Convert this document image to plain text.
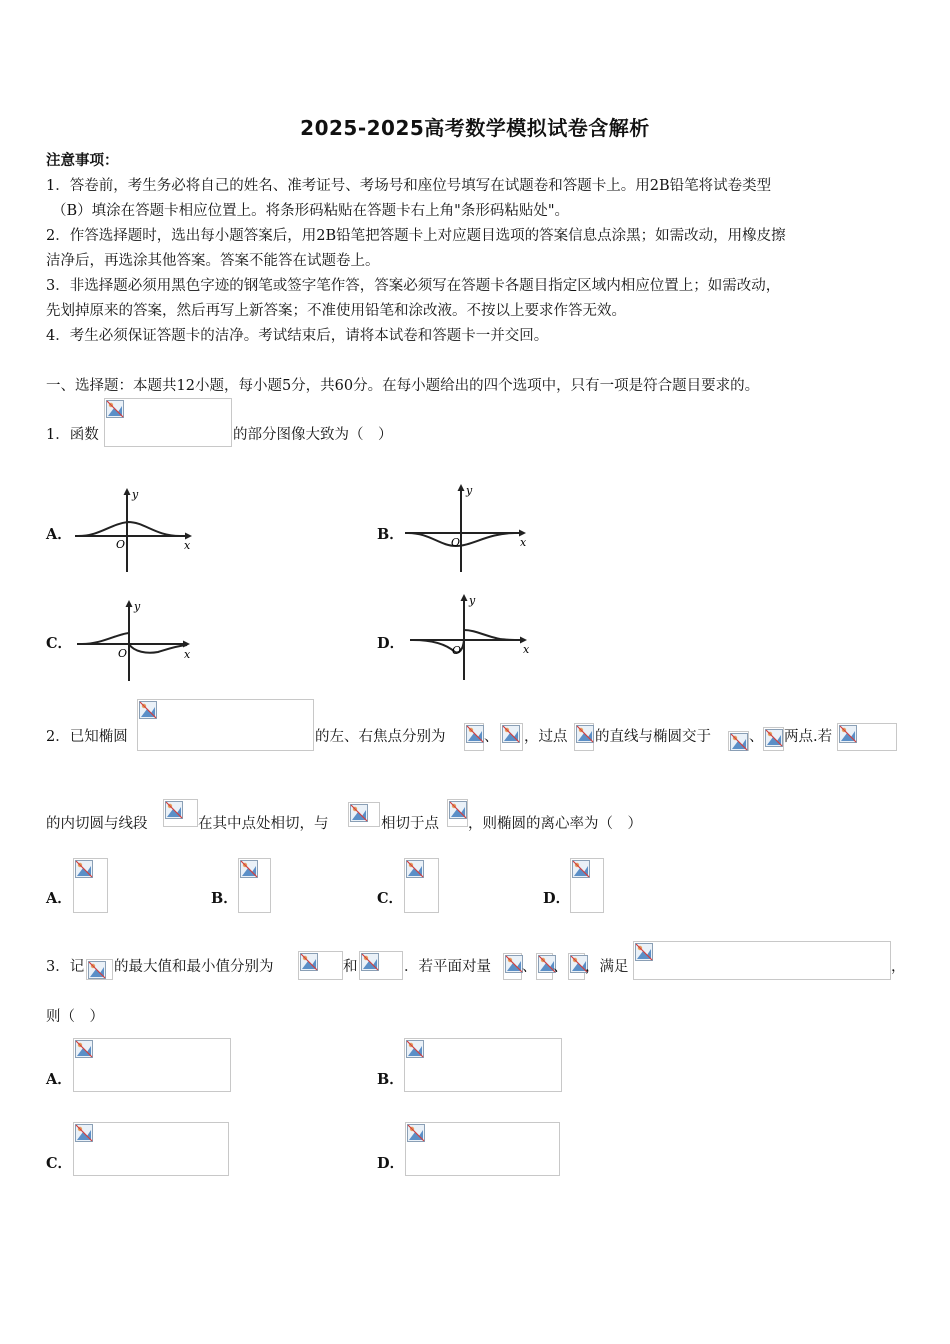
2025-2025高考数学模拟试卷含解析
注意事项：
1．答卷前，考生务必将自己的姓名、准考证号、考场号和座位号填写在试题卷和答题卡上。用2B铅笔将试卷类型
（B）填涂在答题卡相应位置上。将条形码粘贴在答题卡右上角"条形码粘贴处"。
2．作答选择题时，选出每小题答案后，用2B铅笔把答题卡上对应题目选项的答案信息点涂黑；如需改动，用橡皮擦
洁净后，再选涂其他答案。答案不能答在试题卷上。
3．非选择题必须用黑色字迹的钢笔或签字笔作答，答案必须写在答题卡各题目指定区域内相应位置上；如需改动，
先划掉原来的答案，然后再写上新答案；不准使用铅笔和涂改液。不按以上要求作答无效。
4．考生必须保证答题卡的洁净。考试结束后，请将本试卷和答题卡一并交回。
一、选择题：本题共12小题，每小题5分，共60分。在每小题给出的四个选项中，只有一项是符合题目要求的。
1．函数	的部分图像大致为（　）
A．	B．
C．	D．
y
x
O
y
x
O
y
x
O
y
x
O
2．已知椭圆	的左、右焦点分别为	、 ，过点 的直线与椭圆交于	、 两点.若
的内切圆与线段	在其中点处相切，与	相切于点 ，则椭圆的离心率为（　）
A．	B．	C．	D．
3．记 的最大值和最小值分别为	和	．若平面对量 、 、 ，满足	，
则（　）
A．	B．
C．	D．
